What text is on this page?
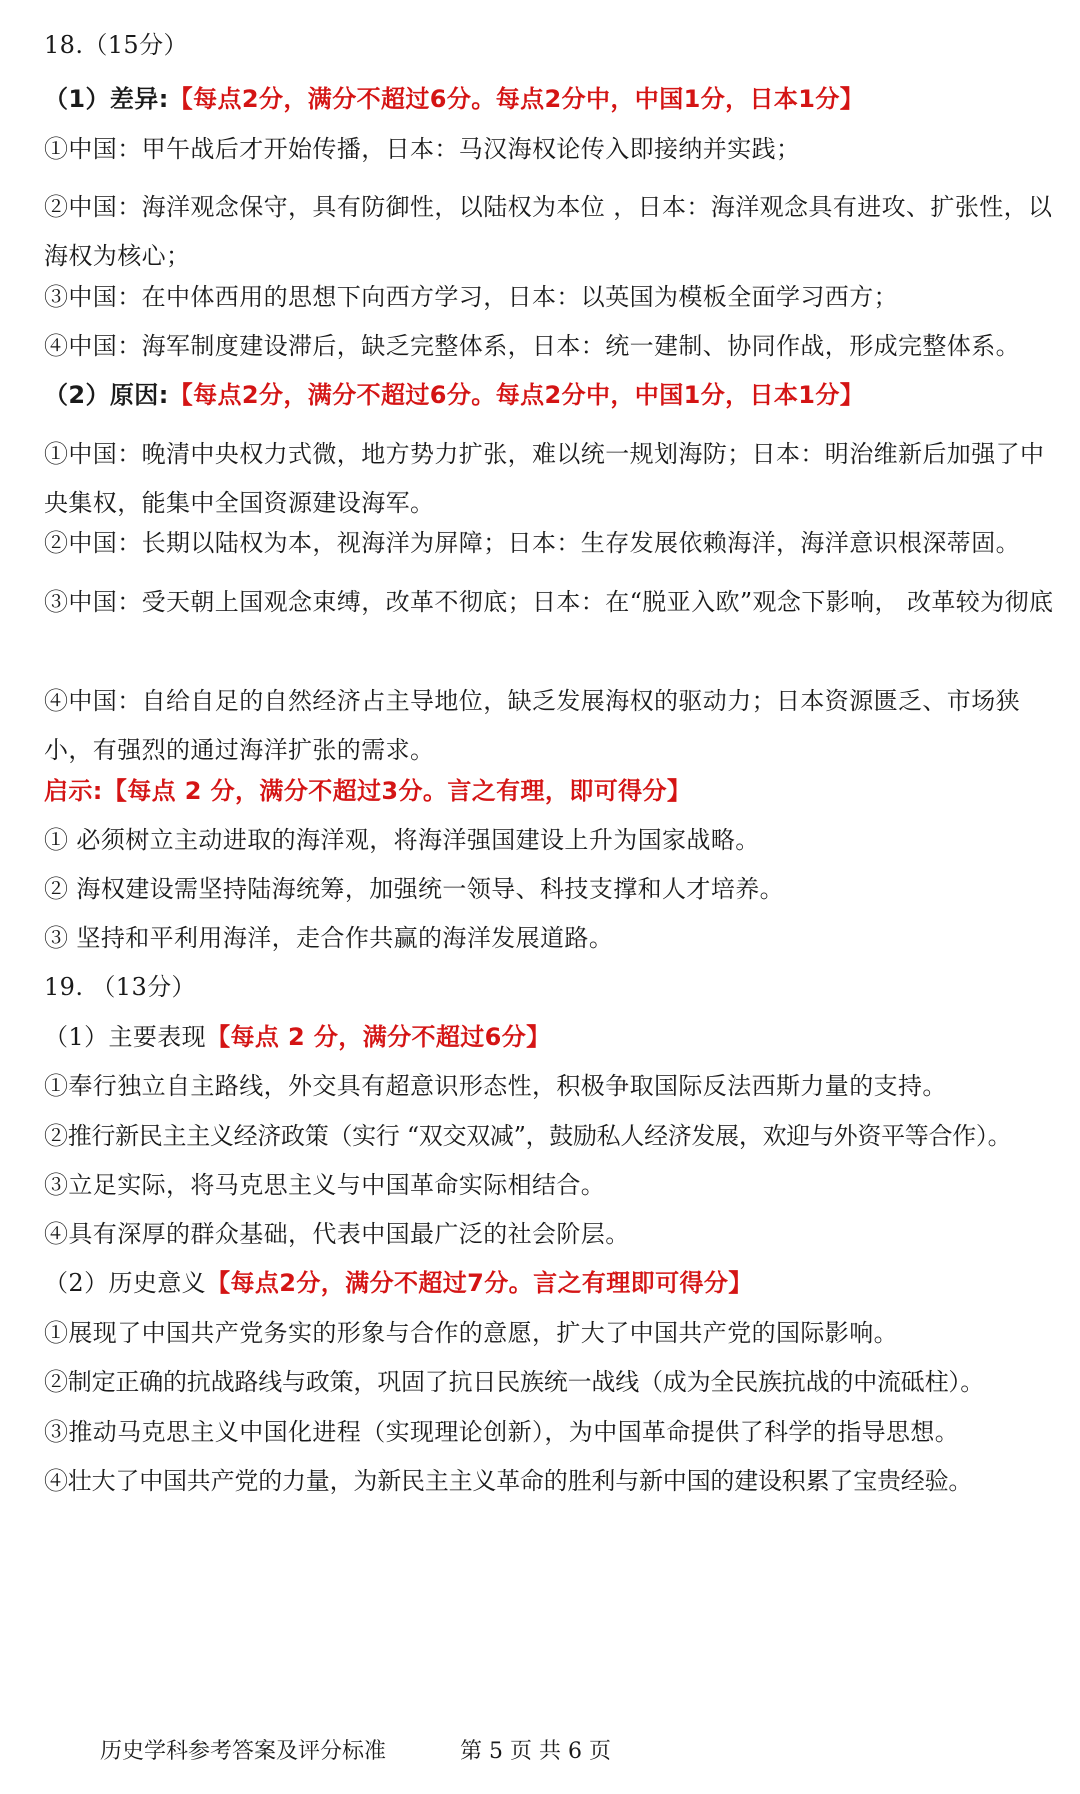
18.（15分）
（1）差异:【每点2分，满分不超过6分。每点2分中，中国1分，日本1分】
①中国：甲午战后才开始传播，日本：马汉海权论传入即接纳并实践；
②中国：海洋观念保守，具有防御性，以陆权为本位 ，日本：海洋观念具有进攻、扩张性，以海权为核心；
③中国：在中体西用的思想下向西方学习，日本：以英国为模板全面学习西方；
④中国：海军制度建设滞后，缺乏完整体系，日本：统一建制、协同作战，形成完整体系。
（2）原因:【每点2分，满分不超过6分。每点2分中，中国1分，日本1分】
①中国：晚清中央权力式微，地方势力扩张，难以统一规划海防；日本：明治维新后加强了中央集权，能集中全国资源建设海军。
②中国：长期以陆权为本，视海洋为屏障；日本：生存发展依赖海洋，海洋意识根深蒂固。
③中国：受天朝上国观念束缚，改革不彻底；日本：在“脱亚入欧”观念下影响， 改革较为彻底
④中国：自给自足的自然经济占主导地位，缺乏发展海权的驱动力；日本资源匮乏、市场狭小，有强烈的通过海洋扩张的需求。
启示:【每点 2 分，满分不超过3分。言之有理，即可得分】
① 必须树立主动进取的海洋观，将海洋强国建设上升为国家战略。
② 海权建设需坚持陆海统筹，加强统一领导、科技支撑和人才培养。
③ 坚持和平利用海洋，走合作共赢的海洋发展道路。
19. （13分）
（1）主要表现【每点 2 分，满分不超过6分】
①奉行独立自主路线，外交具有超意识形态性，积极争取国际反法西斯力量的支持。
②推行新民主主义经济政策（实行 “双交双减”，鼓励私人经济发展，欢迎与外资平等合作）。
③立足实际，将马克思主义与中国革命实际相结合。
④具有深厚的群众基础，代表中国最广泛的社会阶层。
（2）历史意义【每点2分，满分不超过7分。言之有理即可得分】
①展现了中国共产党务实的形象与合作的意愿，扩大了中国共产党的国际影响。
②制定正确的抗战路线与政策，巩固了抗日民族统一战线（成为全民族抗战的中流砥柱）。
③推动马克思主义中国化进程（实现理论创新），为中国革命提供了科学的指导思想。
④壮大了中国共产党的力量，为新民主主义革命的胜利与新中国的建设积累了宝贵经验。
历史学科参考答案及评分标准	第 5 页 共 6 页
